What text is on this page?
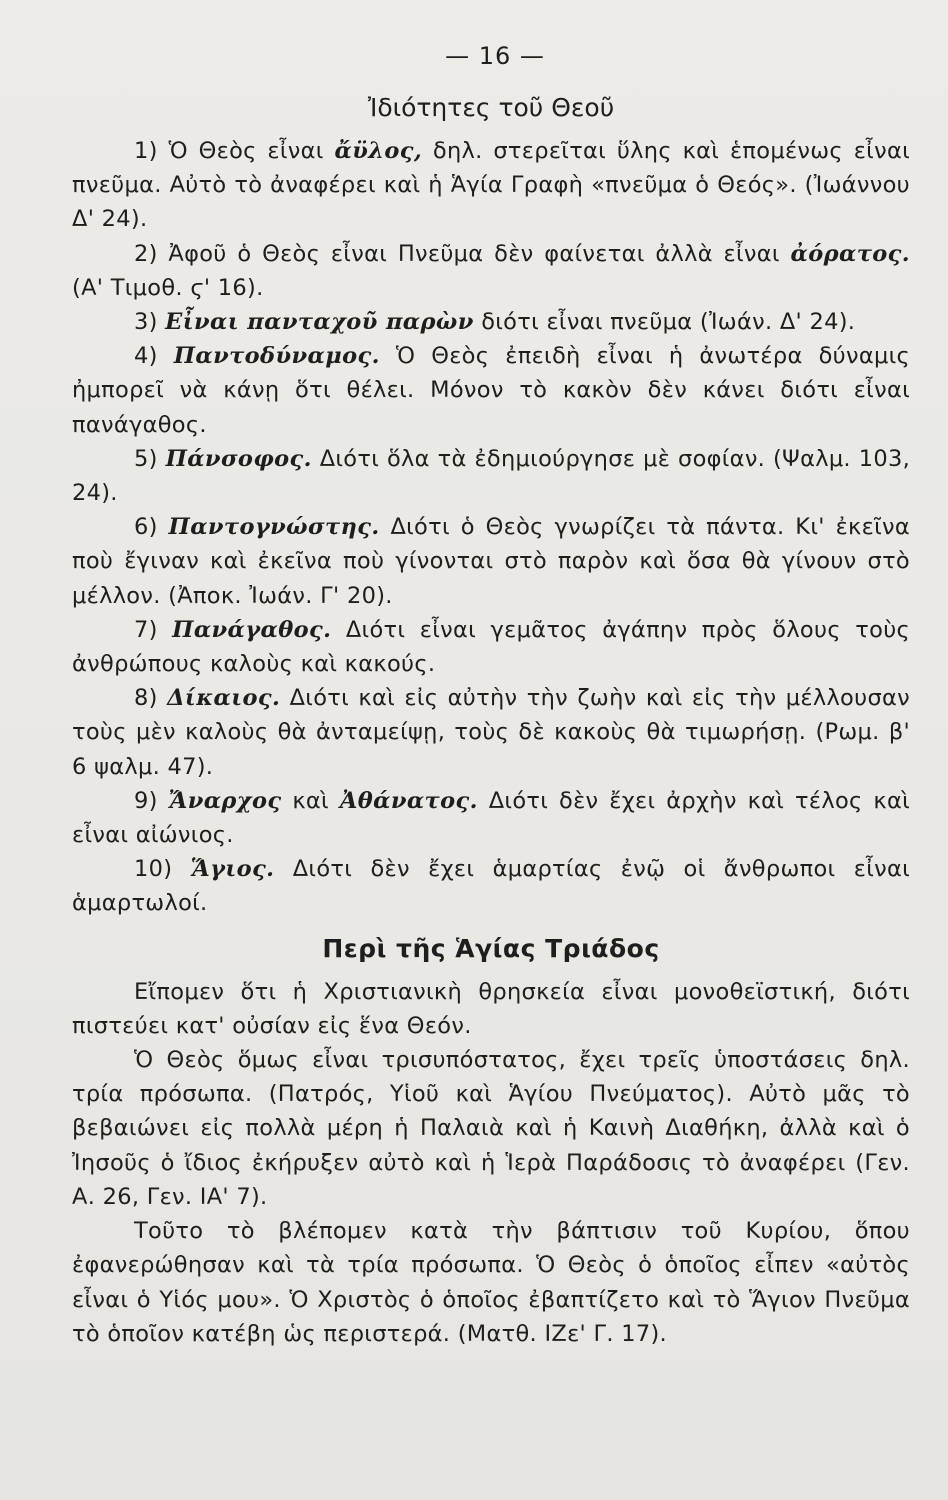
— 16 —
Ἰδιότητες τοῦ Θεοῦ

1) Ὁ Θεὸς εἶναι ἄϋλος, δηλ. στερεῖται ὕλης καὶ ἑπομένως εἶναι πνεῦμα. Αὐτὸ τὸ ἀναφέρει καὶ ἡ Ἁγία Γραφὴ «πνεῦμα ὁ Θεός». (Ἰωάννου Δ' 24).

2) Ἀφοῦ ὁ Θεὸς εἶναι Πνεῦμα δὲν φαίνεται ἀλλὰ εἶναι ἀόρατος. (Α' Τιμοθ. ϛ' 16).

3) Εἶναι πανταχοῦ παρὼν διότι εἶναι πνεῦμα (Ἰωάν. Δ' 24).

4) Παντοδύναμος. Ὁ Θεὸς ἐπειδὴ εἶναι ἡ ἀνωτέρα δύναμις ἠμπορεῖ νὰ κάνῃ ὅτι θέλει. Μόνον τὸ κακὸν δὲν κάνει διότι εἶναι πανάγαθος.

5) Πάνσοφος. Διότι ὅλα τὰ ἐδημιούργησε μὲ σοφίαν. (Ψαλμ. 103, 24).

6) Παντογνώστης. Διότι ὁ Θεὸς γνωρίζει τὰ πάντα. Κι' ἐκεῖνα ποὺ ἔγιναν καὶ ἐκεῖνα ποὺ γίνονται στὸ παρὸν καὶ ὅσα θὰ γίνουν στὸ μέλλον. (Ἀποκ. Ἰωάν. Γ' 20).

7) Πανάγαθος. Διότι εἶναι γεμᾶτος ἀγάπην πρὸς ὅλους τοὺς ἀνθρώπους καλοὺς καὶ κακούς.

8) Δίκαιος. Διότι καὶ εἰς αὐτὴν τὴν ζωὴν καὶ εἰς τὴν μέλλουσαν τοὺς μὲν καλοὺς θὰ ἀνταμείψῃ, τοὺς δὲ κακοὺς θὰ τιμωρήσῃ. (Ρωμ. β' 6 ψαλμ. 47).

9) Ἄναρχος καὶ Ἀθάνατος. Διότι δὲν ἔχει ἀρχὴν καὶ τέλος καὶ εἶναι αἰώνιος.

10) Ἅγιος. Διότι δὲν ἔχει ἁμαρτίας ἐνῷ οἱ ἄνθρωποι εἶναι ἁμαρτωλοί.

Περὶ τῆς Ἁγίας Τριάδος

Εἴπομεν ὅτι ἡ Χριστιανικὴ θρησκεία εἶναι μονοθεϊστική, διότι πιστεύει κατ' οὐσίαν εἰς ἕνα Θεόν.

Ὁ Θεὸς ὅμως εἶναι τρισυπόστατος, ἔχει τρεῖς ὑποστάσεις δηλ. τρία πρόσωπα. (Πατρός, Υἱοῦ καὶ Ἁγίου Πνεύματος). Αὐτὸ μᾶς τὸ βεβαιώνει εἰς πολλὰ μέρη ἡ Παλαιὰ καὶ ἡ Καινὴ Διαθήκη, ἀλλὰ καὶ ὁ Ἰησοῦς ὁ ἴδιος ἐκήρυξεν αὐτὸ καὶ ἡ Ἱερὰ Παράδοσις τὸ ἀναφέρει (Γεν. Α. 26, Γεν. ΙΑ' 7).

Τοῦτο τὸ βλέπομεν κατὰ τὴν βάπτισιν τοῦ Κυρίου, ὅπου ἐφανερώθησαν καὶ τὰ τρία πρόσωπα. Ὁ Θεὸς ὁ ὁποῖος εἶπεν «αὐτὸς εἶναι ὁ Υἱός μου». Ὁ Χριστὸς ὁ ὁποῖος ἐβαπτίζετο καὶ τὸ Ἅγιον Πνεῦμα τὸ ὁποῖον κατέβη ὡς περιστερά. (Ματθ. ΙΖε' Γ. 17).
